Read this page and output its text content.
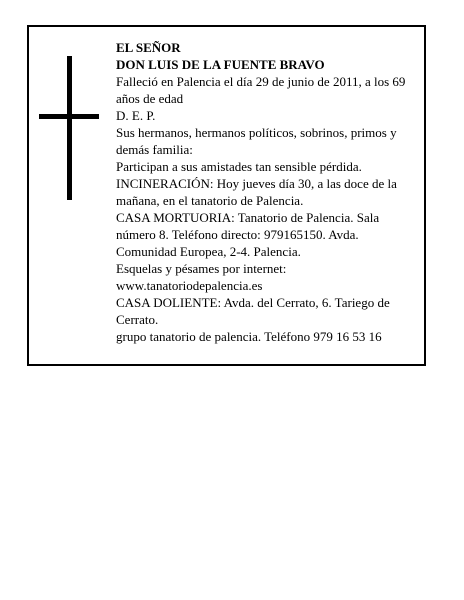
EL SEÑOR

DON LUIS DE LA FUENTE BRAVO

Falleció en Palencia el día 29 de junio de 2011, a los 69 años de edad

D. E. P.

Sus hermanos, hermanos políticos, sobrinos, primos y demás familia:

Participan a sus amistades tan sensible pérdida.

INCINERACIÓN: Hoy jueves día 30, a las doce de la mañana, en el tanatorio de Palencia.

CASA MORTUORIA: Tanatorio de Palencia. Sala número 8. Teléfono directo: 979165150. Avda. Comunidad Europea, 2-4. Palencia.

Esquelas y pésames por internet: www.tanatoriodepalencia.es

CASA DOLIENTE: Avda. del Cerrato, 6. Tariego de Cerrato.

grupo tanatorio de palencia. Teléfono 979 16 53 16
